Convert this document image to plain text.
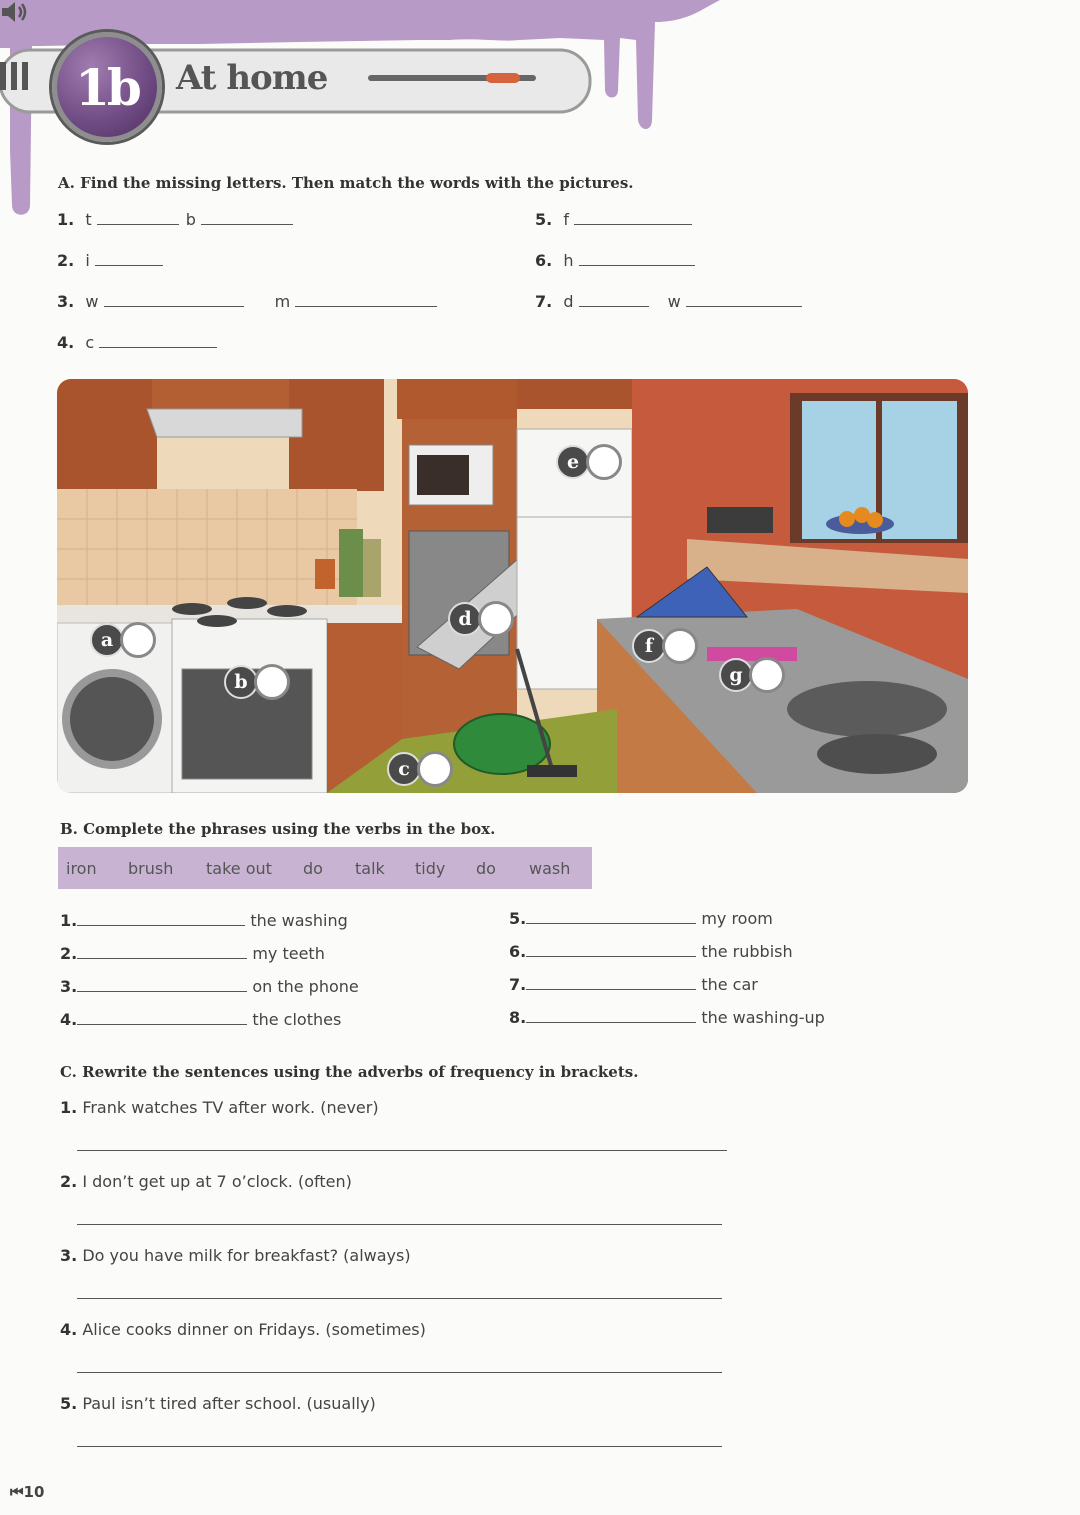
1b	At home
A. Find the missing letters. Then match the words with the pictures.
1. t	b
2. i
3. w	m
4. c
5. f
6. h
7. d	w
a
b
c
d
e
f
g
B. Complete the phrases using the verbs in the box.
iron	brush	take out	do	talk	tidy	do	wash
1.	the washing
2.	my teeth
3.	on the phone
4.	the clothes
5.	my room
6.	the rubbish
7.	the car
8.	the washing-up
C. Rewrite the sentences using the adverbs of frequency in brackets.
1. Frank watches TV after work. (never)
2. I don’t get up at 7 o’clock. (often)
3. Do you have milk for breakfast? (always)
4. Alice cooks dinner on Fridays. (sometimes)
5. Paul isn’t tired after school. (usually)
⏮10
